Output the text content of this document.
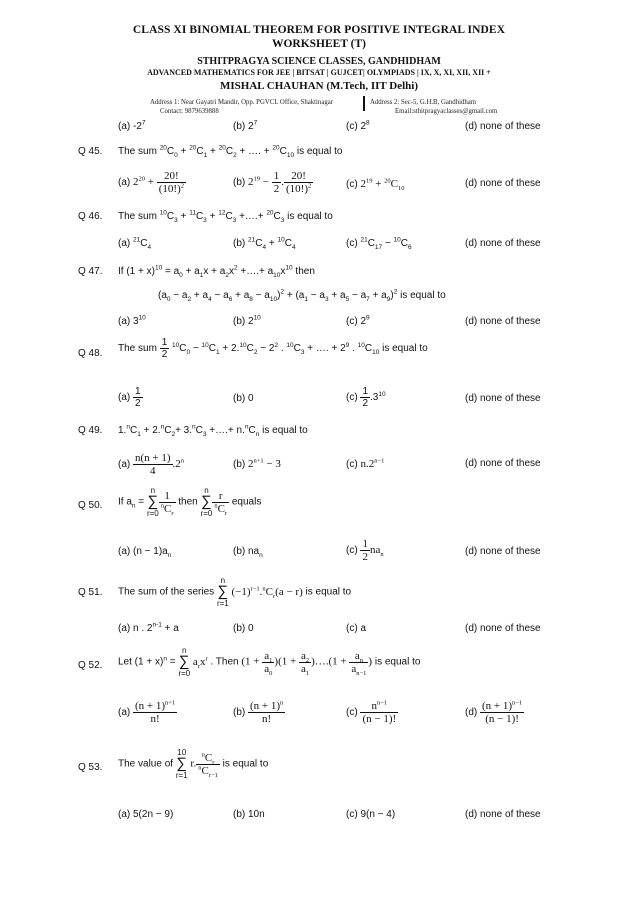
CLASS XI BINOMIAL THEOREM FOR POSITIVE INTEGRAL INDEX
WORKSHEET (T)
STHITPRAGYA SCIENCE CLASSES, GANDHIDHAM
ADVANCED MATHEMATICS FOR JEE | BITSAT | GUJCET| OLYMPIADS | IX, X, XI, XII, XII +
MISHAL CHAUHAN (M.Tech, IIT Delhi)
Address 1: Near Gayatri Mandir, Opp. PGVCL Office, Shaktinagar	Address 2: Sec-5, G.H.B, Gandhidham
Contact: 9879639888	Email:sthitpragyaclasses@gmail.com
(a) $-2^7$	(b) $2^7$	(c) $2^8$	(d) none of these
Q 45. The sum $^{20}C_0 + ^{20}C_1 + ^{20}C_2$ + …. + $^{20}C_{10}$ is equal to
(a) $2^{20} + \frac{20!}{(10!)^2}$	(b) $2^{19} - \frac{1}{2}$ . $\frac{20!}{(10!)^2}$	(c) $2^{19} + ^{20}C_{10}$	(d) none of these
Q 46. The sum $^{10}C_3 + ^{11}C_3 + ^{12}C_3$ +….+ $^{20}C_3$ is equal to
(a) $^{21}C_4$	(b) $^{21}C_4 + ^{10}C_4$	(c) $^{21}C_{17} - ^{10}C_6$	(d) none of these
Q 47. If $(1 + x)^{10} = a_0 + a_1x + a_2x^2$ +….+ $a_{10}x^{10}$ then
$(a_0 - a_2 + a_4 - a_6 + a_8 - a_{10})^2 + (a_1 - a_3 + a_5 - a_7 + a_9)^2$ is equal to
(a) $3^{10}$	(b) $2^{10}$	(c) $2^9$	(d) none of these
Q 48. The sum $\frac{1}{2} ^{10}C_0 - ^{10}C_1 + 2.10C_2 - 2^2$ . $^{10}C_3$ + …. + $2^9$ . $^{10}C_{10}$ is equal to
$(a) \frac{1}{2}$	(b) 0	$(c) \frac{1}{2} .3^{10}$	(d) none of these
Q 49. $1.^nC_1 + 2.^nC_2+ 3.^nC_3$ +….+ $n.^nC_n$ is equal to
$(a) \frac{n(n + 1)}{4} .2^n$	(b) $2^{n+1} - 3$	(c) $n.2^{n-1}$	(d) none of these
Q 50. If $a_n = n$
∑
$r=0 \frac{1}{^nC_r}$ then n
∑
$r=0 \frac{r}{^nC_r}$ equals
(a) $(n - 1)a_n$	(b) $na_n$	$(c) \frac{1}{2} na_n$	(d) none of these
Q 51. The sum of the series n
∑
r=1 $(-1)^{r-1}.^nC_r(a - r)$ is equal to
(a) n . $2^{n-1} + a$	(b) 0	(c) a	(d) none of these
Q 52. Let $(1 + x)^n = n$
∑
r=0 $a_rx^r$ . Then $(1 + \frac{a_1}{a_0} )(1 + \frac{a_2}{a_1}$ )….(1 + $\frac{a_n}{a_{n-1}}$ ) is equal to
$(a) \frac{(n + 1)^{n+1}}{n!}$	$(b) \frac{(n + 1)^n}{n!}$	$(c) \frac{n^{n-1}}{(n - 1)!}$	$(d) \frac{(n + 1)^{n-1}}{(n - 1)!}$
Q 53. The value of 10
∑
r=1 r. $\frac{^nC_r}{^nC_{r-1}}$ is equal to
(a) 5(2n − 9)	(b) 10n	(c) 9(n − 4)	(d) none of these
